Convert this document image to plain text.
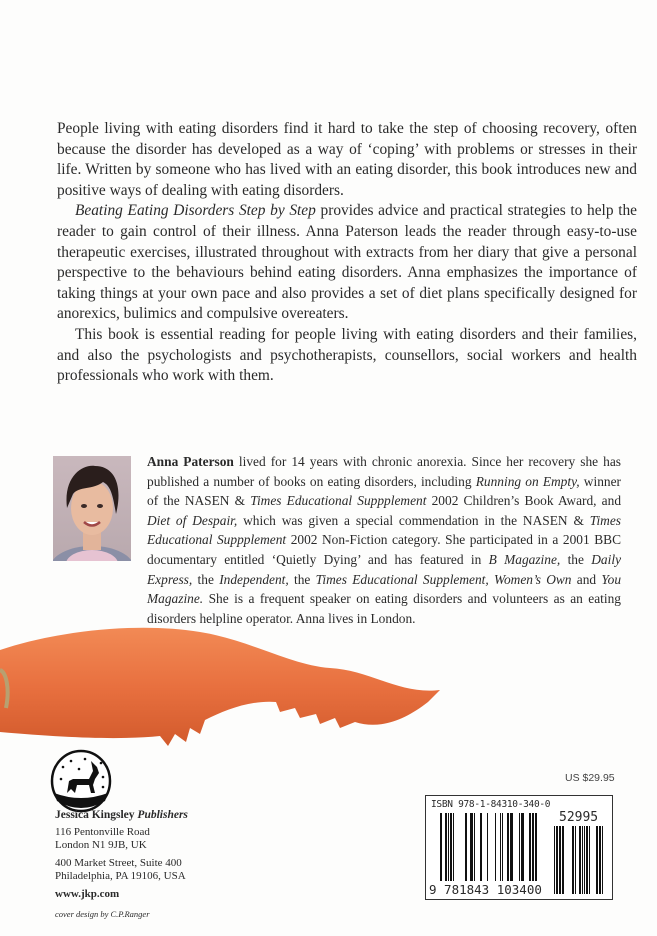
People living with eating disorders find it hard to take the step of choosing recovery, often because the disorder has developed as a way of ‘coping’ with problems or stresses in their life. Written by someone who has lived with an eating disorder, this book introduces new and positive ways of dealing with eating disorders.

Beating Eating Disorders Step by Step provides advice and practical strategies to help the reader to gain control of their illness. Anna Paterson leads the reader through easy-to-use therapeutic exercises, illustrated throughout with extracts from her diary that give a personal perspective to the behaviours behind eating disorders. Anna emphasizes the importance of taking things at your own pace and also provides a set of diet plans specifically designed for anorexics, bulimics and compulsive overeaters.

This book is essential reading for people living with eating disorders and their families, and also the psychologists and psychotherapists, counsellors, social workers and health professionals who work with them.

Anna Paterson lived for 14 years with chronic anorexia. Since her recovery she has published a number of books on eating disorders, including Running on Empty, winner of the NASEN & Times Educational Suppplement 2002 Children’s Book Award, and Diet of Despair, which was given a special commendation in the NASEN & Times Educational Suppplement 2002 Non-Fiction category. She participated in a 2001 BBC documentary entitled ‘Quietly Dying’ and has featured in B Magazine, the Daily Express, the Independent, the Times Educational Supplement, Women’s Own and You Magazine. She is a frequent speaker on eating disorders and volunteers as an eating disorders helpline operator. Anna lives in London.
Jessica Kingsley Publishers
116 Pentonville Road
London N1 9JB, UK
400 Market Street, Suite 400
Philadelphia, PA 19106, USA
www.jkp.com
cover design by C.P.Ranger
US $29.95
ISBN 978-1-84310-340-0
52995
9 781843 103400
